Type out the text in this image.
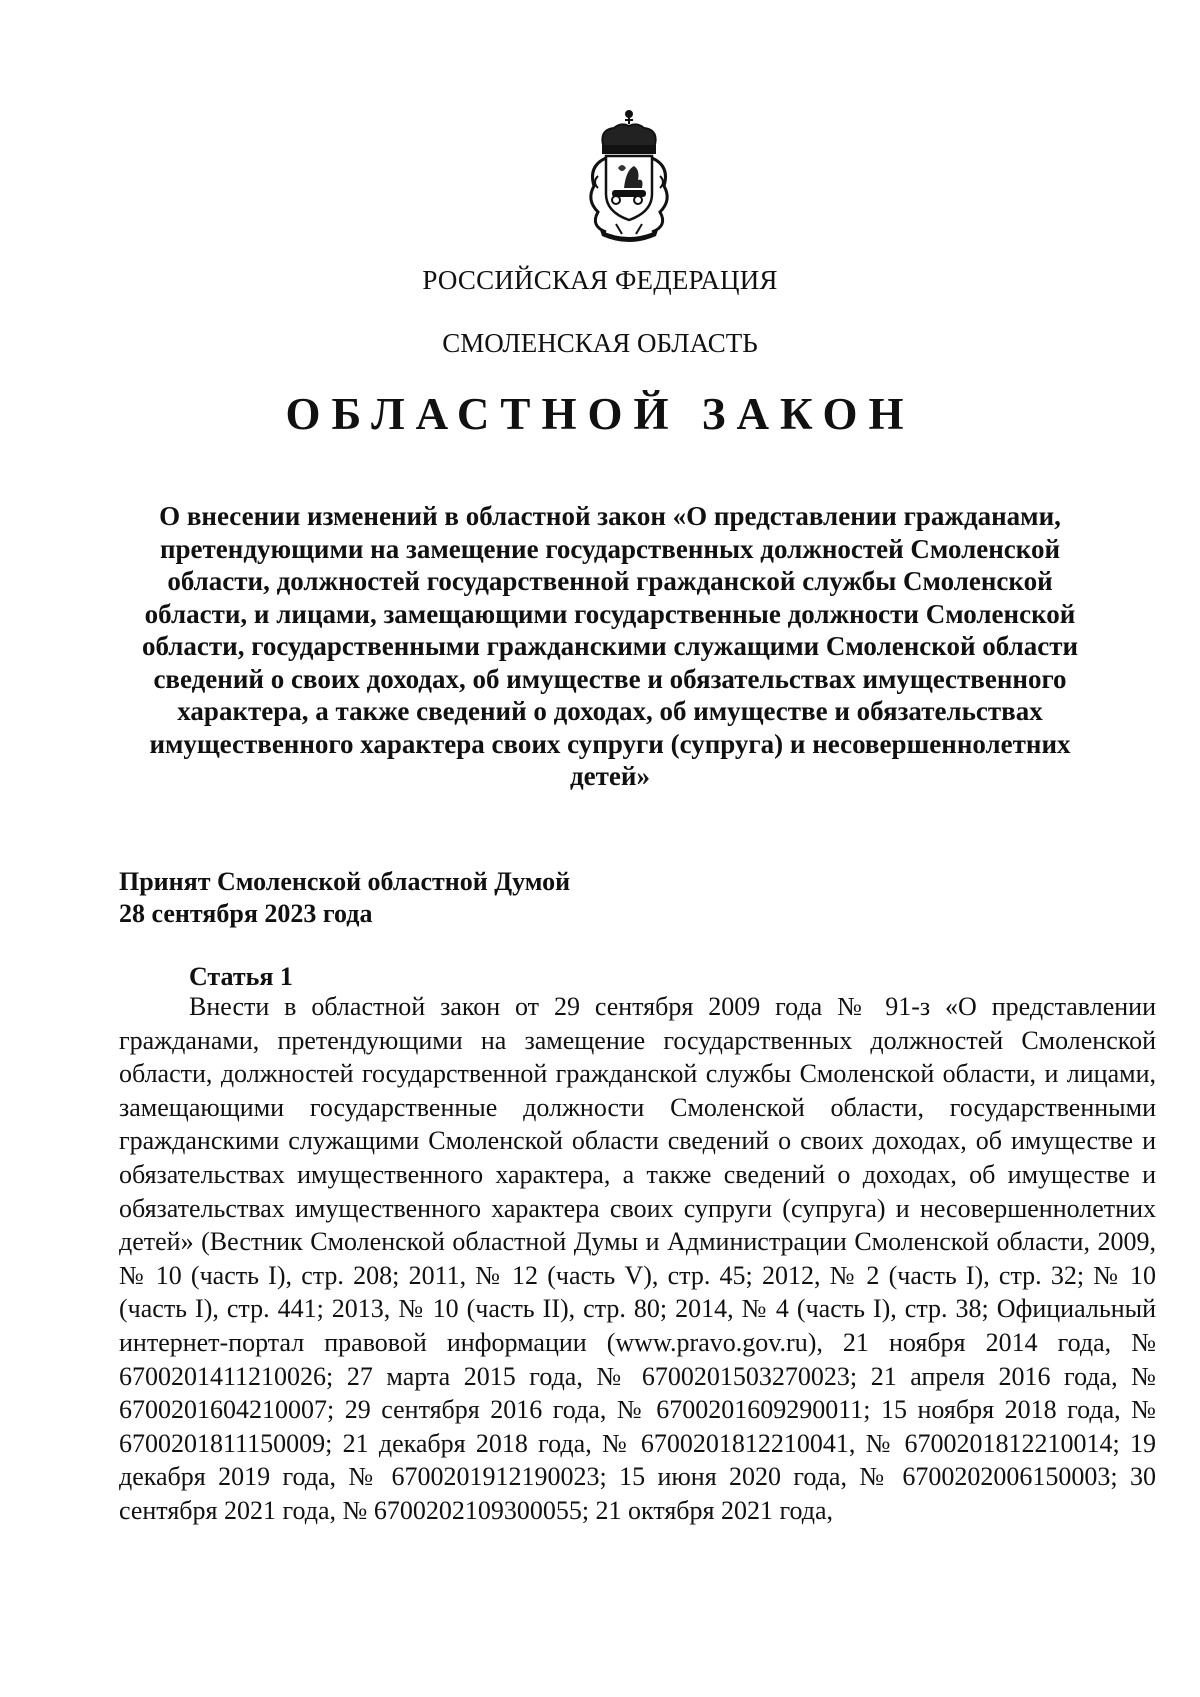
РОССИЙСКАЯ ФЕДЕРАЦИЯ
СМОЛЕНСКАЯ ОБЛАСТЬ
ОБЛАСТНОЙ ЗАКОН
О внесении изменений в областной закон «О представлении гражданами, претендующими на замещение государственных должностей Смоленской области, должностей государственной гражданской службы Смоленской области, и лицами, замещающими государственные должности Смоленской области, государственными гражданскими служащими Смоленской области сведений о своих доходах, об имуществе и обязательствах имущественного характера, а также сведений о доходах, об имуществе и обязательствах имущественного характера своих супруги (супруга) и несовершеннолетних детей»
Принят Смоленской областной Думой
28 сентября 2023 года
Статья 1
Внести в областной закон от 29 сентября 2009 года № 91-з «О представлении гражданами, претендующими на замещение государственных должностей Смоленской области, должностей государственной гражданской службы Смоленской области, и лицами, замещающими государственные должности Смоленской области, государственными гражданскими служащими Смоленской области сведений о своих доходах, об имуществе и обязательствах имущественного характера, а также сведений о доходах, об имуществе и обязательствах имущественного характера своих супруги (супруга) и несовершеннолетних детей» (Вестник Смоленской областной Думы и Администрации Смоленской области, 2009, № 10 (часть I), стр. 208; 2011, № 12 (часть V), стр. 45; 2012, № 2 (часть I), стр. 32; № 10 (часть I), стр. 441; 2013, № 10 (часть II), стр. 80; 2014, № 4 (часть I), стр. 38; Официальный интернет-портал правовой информации (www.pravo.gov.ru), 21 ноября 2014 года, № 6700201411210026; 27 марта 2015 года, № 6700201503270023; 21 апреля 2016 года, № 6700201604210007; 29 сентября 2016 года, № 6700201609290011; 15 ноября 2018 года, № 6700201811150009; 21 декабря 2018 года, № 6700201812210041, № 6700201812210014; 19 декабря 2019 года, № 6700201912190023; 15 июня 2020 года, № 6700202006150003; 30 сентября 2021 года, № 6700202109300055; 21 октября 2021 года,
